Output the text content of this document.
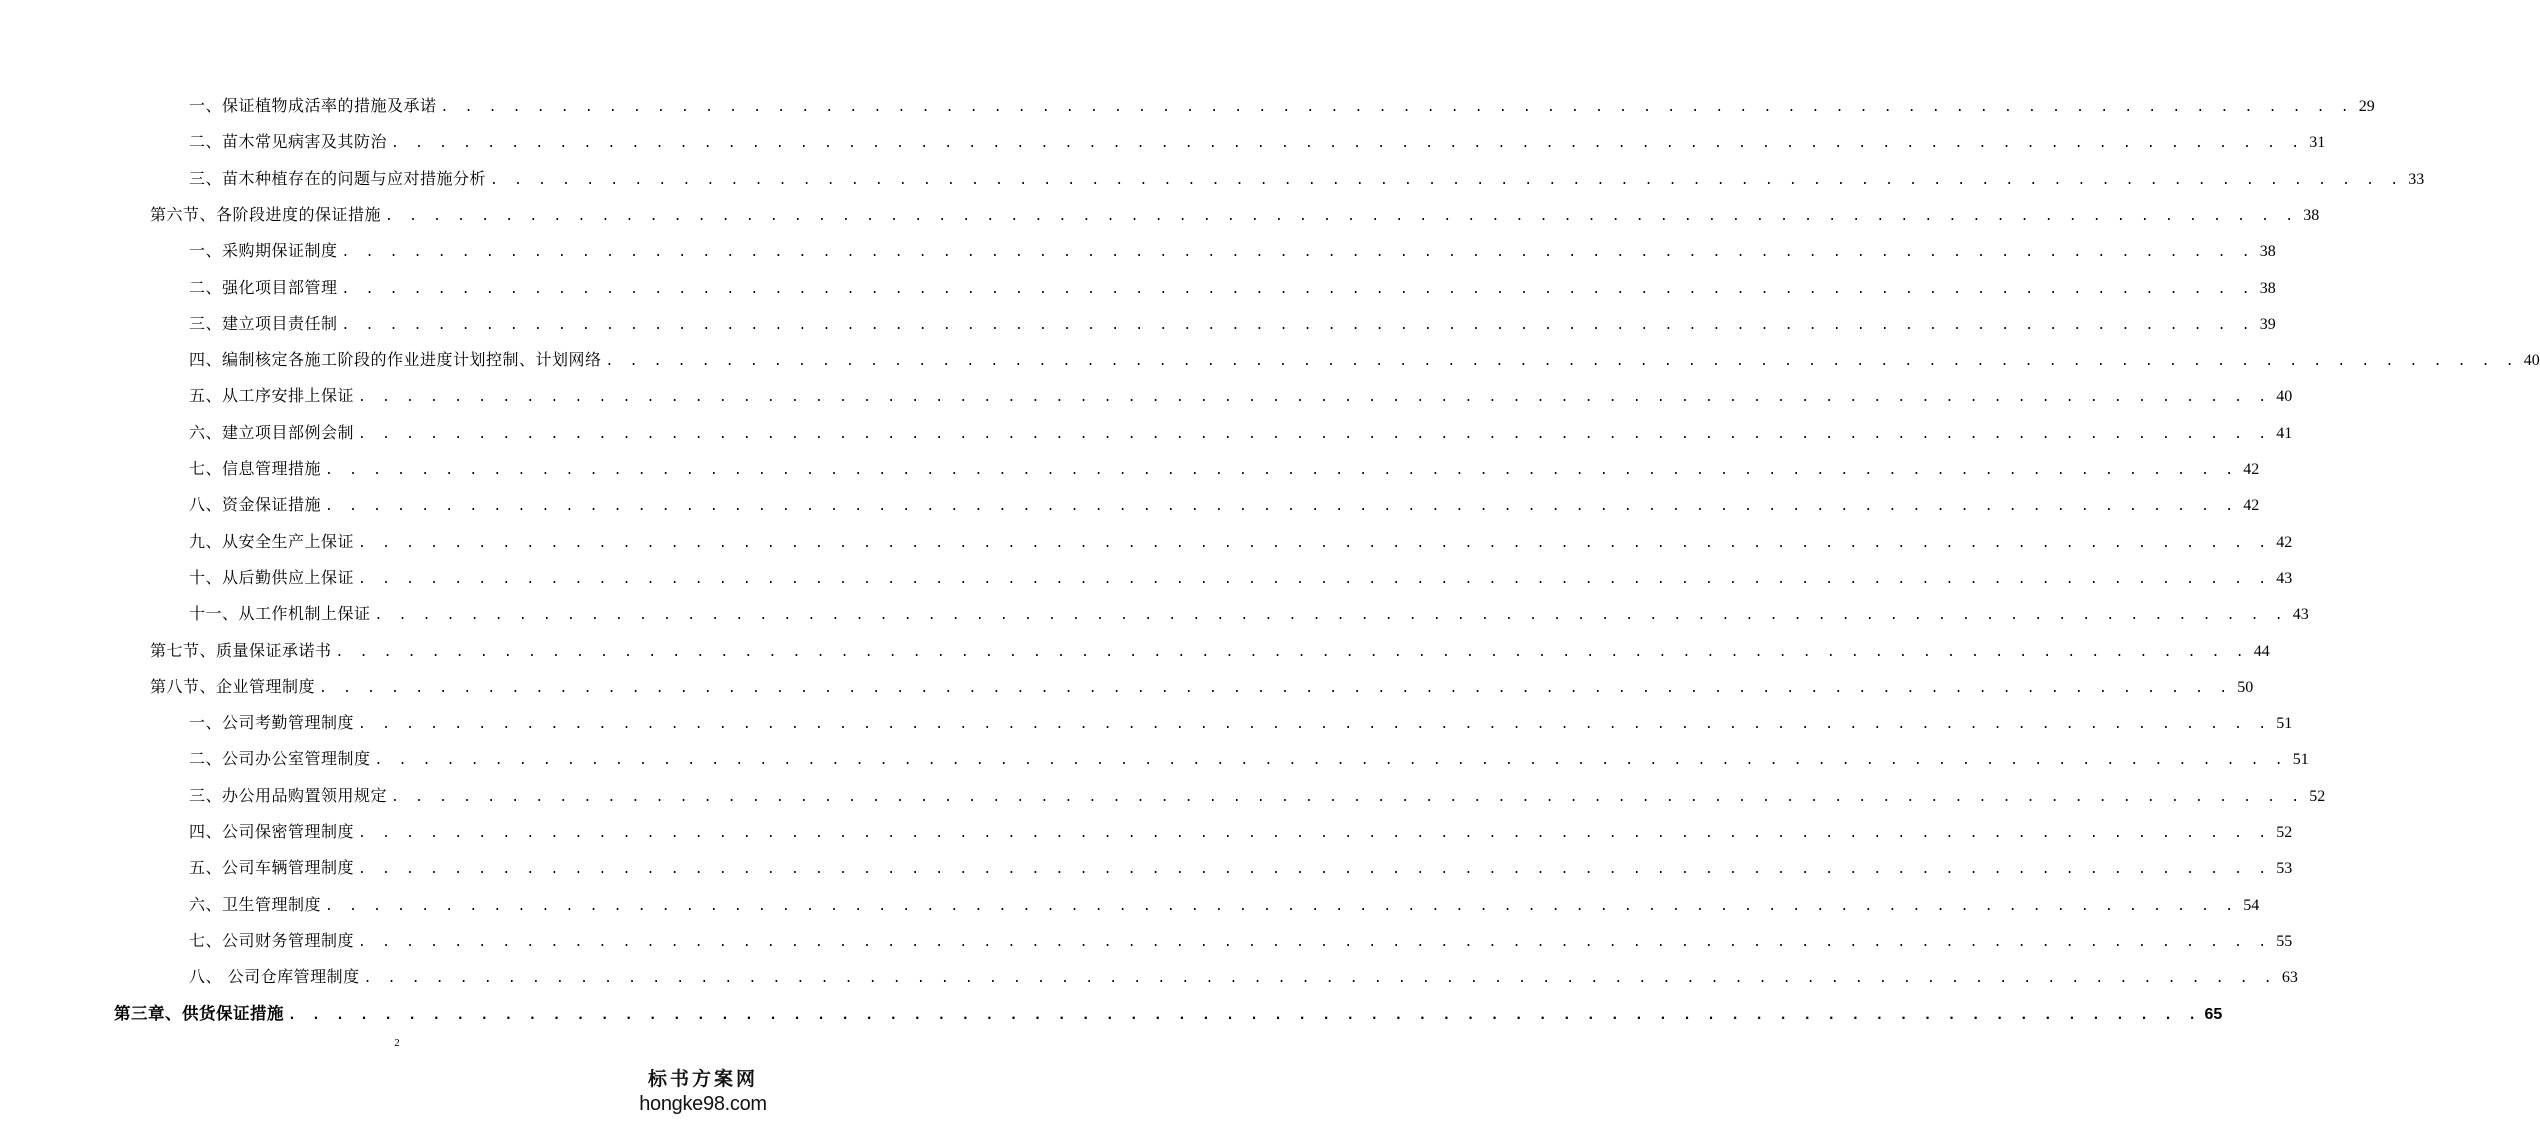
一、保证植物成活率的措施及承诺 . . . . . . . . . . . . . . . . . . . . . . . . . . . . . . . . . . . . . . . . . . . . . . . . . . . . . . . . . . . . . . . . . . . . . . . . . . . . . . . . 29
二、苗木常见病害及其防治 . . . . . . . . . . . . . . . . . . . . . . . . . . . . . . . . . . . . . . . . . . . . . . . . . . . . . . . . . . . . . . . . . . . . . . . . . . . . . . . . 31
三、苗木种植存在的问题与应对措施分析 . . . . . . . . . . . . . . . . . . . . . . . . . . . . . . . . . . . . . . . . . . . . . . . . . . . . . . . . . . . . . . . . . . . . . . . . . . . . . . . . 33
第六节、各阶段进度的保证措施 . . . . . . . . . . . . . . . . . . . . . . . . . . . . . . . . . . . . . . . . . . . . . . . . . . . . . . . . . . . . . . . . . . . . . . . . . . . . . . . . 38
一、采购期保证制度 . . . . . . . . . . . . . . . . . . . . . . . . . . . . . . . . . . . . . . . . . . . . . . . . . . . . . . . . . . . . . . . . . . . . . . . . . . . . . . . . 38
二、强化项目部管理 . . . . . . . . . . . . . . . . . . . . . . . . . . . . . . . . . . . . . . . . . . . . . . . . . . . . . . . . . . . . . . . . . . . . . . . . . . . . . . . . 38
三、建立项目责任制 . . . . . . . . . . . . . . . . . . . . . . . . . . . . . . . . . . . . . . . . . . . . . . . . . . . . . . . . . . . . . . . . . . . . . . . . . . . . . . . . 39
四、编制核定各施工阶段的作业进度计划控制、计划网络 . . . . . . . . . . . . . . . . . . . . . . . . . . . . . . . . . . . . . . . . . . . . . . . . . . . . . . . . . . . . . . . . . . . . . . . . . . . . . . . . 40
五、从工序安排上保证 . . . . . . . . . . . . . . . . . . . . . . . . . . . . . . . . . . . . . . . . . . . . . . . . . . . . . . . . . . . . . . . . . . . . . . . . . . . . . . . . 40
六、建立项目部例会制 . . . . . . . . . . . . . . . . . . . . . . . . . . . . . . . . . . . . . . . . . . . . . . . . . . . . . . . . . . . . . . . . . . . . . . . . . . . . . . . . 41
七、信息管理措施 . . . . . . . . . . . . . . . . . . . . . . . . . . . . . . . . . . . . . . . . . . . . . . . . . . . . . . . . . . . . . . . . . . . . . . . . . . . . . . . . 42
八、资金保证措施 . . . . . . . . . . . . . . . . . . . . . . . . . . . . . . . . . . . . . . . . . . . . . . . . . . . . . . . . . . . . . . . . . . . . . . . . . . . . . . . . 42
九、从安全生产上保证 . . . . . . . . . . . . . . . . . . . . . . . . . . . . . . . . . . . . . . . . . . . . . . . . . . . . . . . . . . . . . . . . . . . . . . . . . . . . . . . . 42
十、从后勤供应上保证 . . . . . . . . . . . . . . . . . . . . . . . . . . . . . . . . . . . . . . . . . . . . . . . . . . . . . . . . . . . . . . . . . . . . . . . . . . . . . . . . 43
十一、从工作机制上保证 . . . . . . . . . . . . . . . . . . . . . . . . . . . . . . . . . . . . . . . . . . . . . . . . . . . . . . . . . . . . . . . . . . . . . . . . . . . . . . . . 43
第七节、质量保证承诺书 . . . . . . . . . . . . . . . . . . . . . . . . . . . . . . . . . . . . . . . . . . . . . . . . . . . . . . . . . . . . . . . . . . . . . . . . . . . . . . . . 44
第八节、企业管理制度 . . . . . . . . . . . . . . . . . . . . . . . . . . . . . . . . . . . . . . . . . . . . . . . . . . . . . . . . . . . . . . . . . . . . . . . . . . . . . . . . 50
一、公司考勤管理制度 . . . . . . . . . . . . . . . . . . . . . . . . . . . . . . . . . . . . . . . . . . . . . . . . . . . . . . . . . . . . . . . . . . . . . . . . . . . . . . . . 51
二、公司办公室管理制度 . . . . . . . . . . . . . . . . . . . . . . . . . . . . . . . . . . . . . . . . . . . . . . . . . . . . . . . . . . . . . . . . . . . . . . . . . . . . . . . . 51
三、办公用品购置领用规定 . . . . . . . . . . . . . . . . . . . . . . . . . . . . . . . . . . . . . . . . . . . . . . . . . . . . . . . . . . . . . . . . . . . . . . . . . . . . . . . . 52
四、公司保密管理制度 . . . . . . . . . . . . . . . . . . . . . . . . . . . . . . . . . . . . . . . . . . . . . . . . . . . . . . . . . . . . . . . . . . . . . . . . . . . . . . . . 52
五、公司车辆管理制度 . . . . . . . . . . . . . . . . . . . . . . . . . . . . . . . . . . . . . . . . . . . . . . . . . . . . . . . . . . . . . . . . . . . . . . . . . . . . . . . . 53
六、卫生管理制度 . . . . . . . . . . . . . . . . . . . . . . . . . . . . . . . . . . . . . . . . . . . . . . . . . . . . . . . . . . . . . . . . . . . . . . . . . . . . . . . . 54
七、公司财务管理制度 . . . . . . . . . . . . . . . . . . . . . . . . . . . . . . . . . . . . . . . . . . . . . . . . . . . . . . . . . . . . . . . . . . . . . . . . . . . . . . . . 55
八、 公司仓库管理制度 . . . . . . . . . . . . . . . . . . . . . . . . . . . . . . . . . . . . . . . . . . . . . . . . . . . . . . . . . . . . . . . . . . . . . . . . . . . . . . . . 63
第三章、供货保证措施 . . . . . . . . . . . . . . . . . . . . . . . . . . . . . . . . . . . . . . . . . . . . . . . . . . . . . . . . . . . . . . . . . . . . . . . . . . . . . . . . 65
2
标书方案网
hongke98.com
